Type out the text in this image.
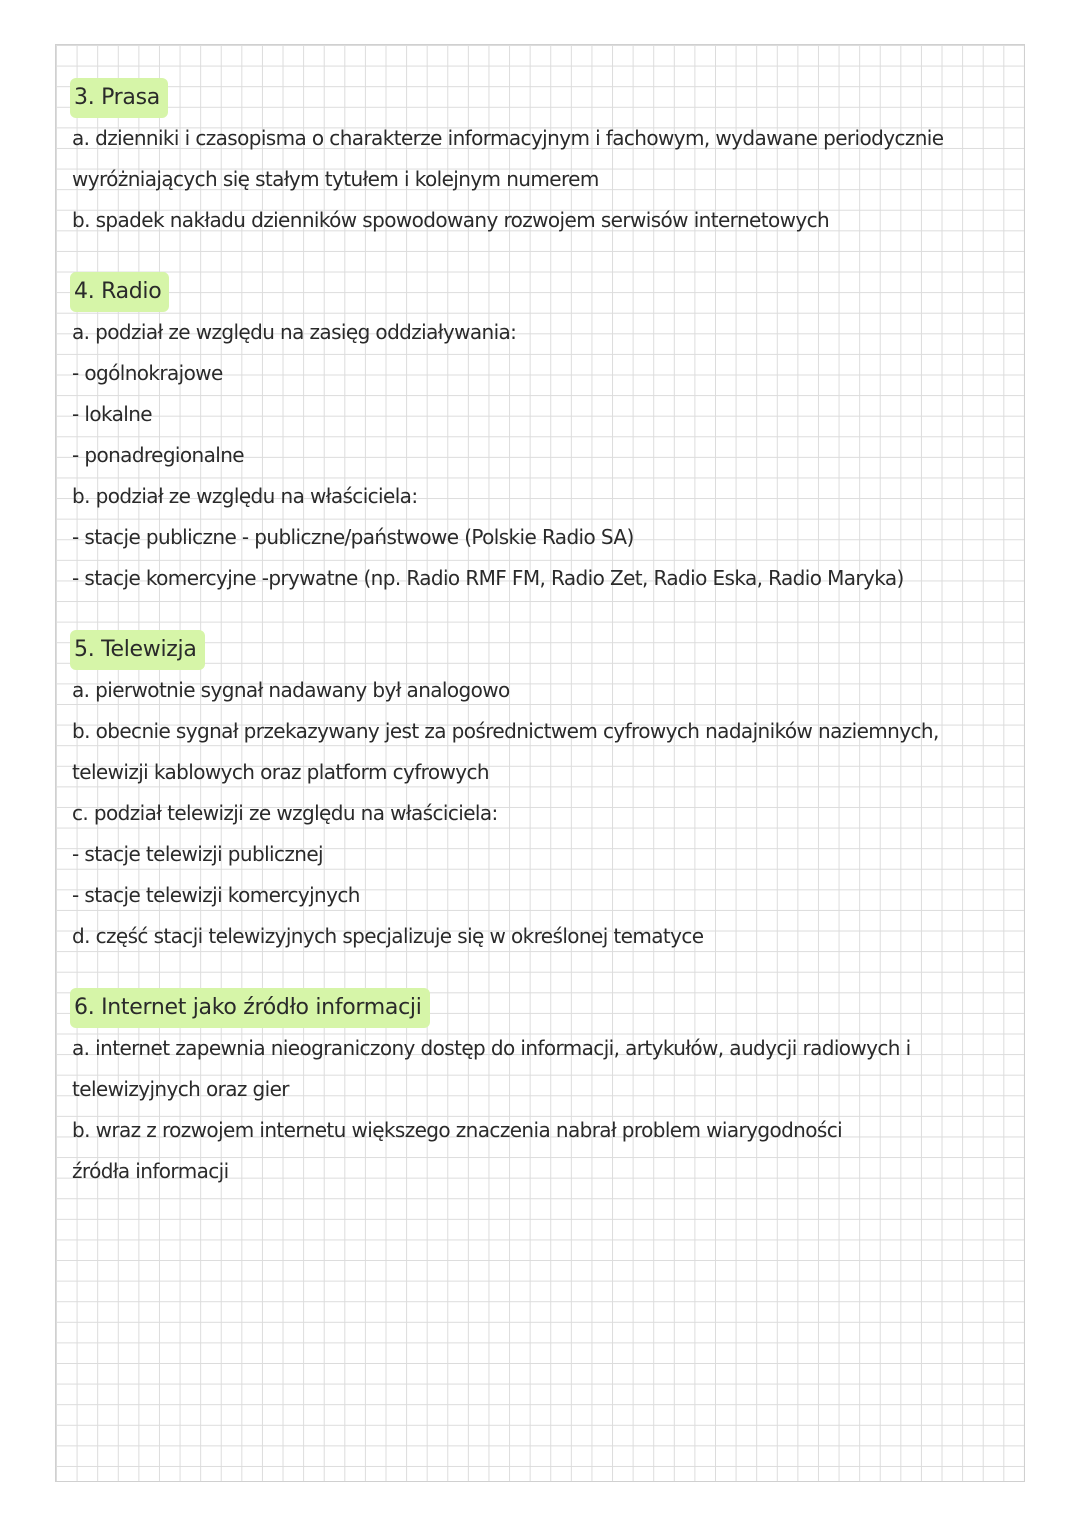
3. Prasa
a. dzienniki i czasopisma o charakterze informacyjnym i fachowym, wydawane periodycznie
wyróżniających się stałym tytułem i kolejnym numerem
b. spadek nakładu dzienników spowodowany rozwojem serwisów internetowych
4. Radio
a. podział ze względu na zasięg oddziaływania:
- ogólnokrajowe
- lokalne
- ponadregionalne
b. podział ze względu na właściciela:
- stacje publiczne - publiczne/państwowe (Polskie Radio SA)
- stacje komercyjne -prywatne (np. Radio RMF FM, Radio Zet, Radio Eska, Radio Maryka)
5. Telewizja
a. pierwotnie sygnał nadawany był analogowo
b. obecnie sygnał przekazywany jest za pośrednictwem cyfrowych nadajników naziemnych,
telewizji kablowych oraz platform cyfrowych
c. podział telewizji ze względu na właściciela:
- stacje telewizji publicznej
- stacje telewizji komercyjnych
d. część stacji telewizyjnych specjalizuje się w określonej tematyce
6. Internet jako źródło informacji
a. internet zapewnia nieograniczony dostęp do informacji, artykułów, audycji radiowych i
telewizyjnych oraz gier
b. wraz z rozwojem internetu większego znaczenia nabrał problem wiarygodności
źródła informacji
